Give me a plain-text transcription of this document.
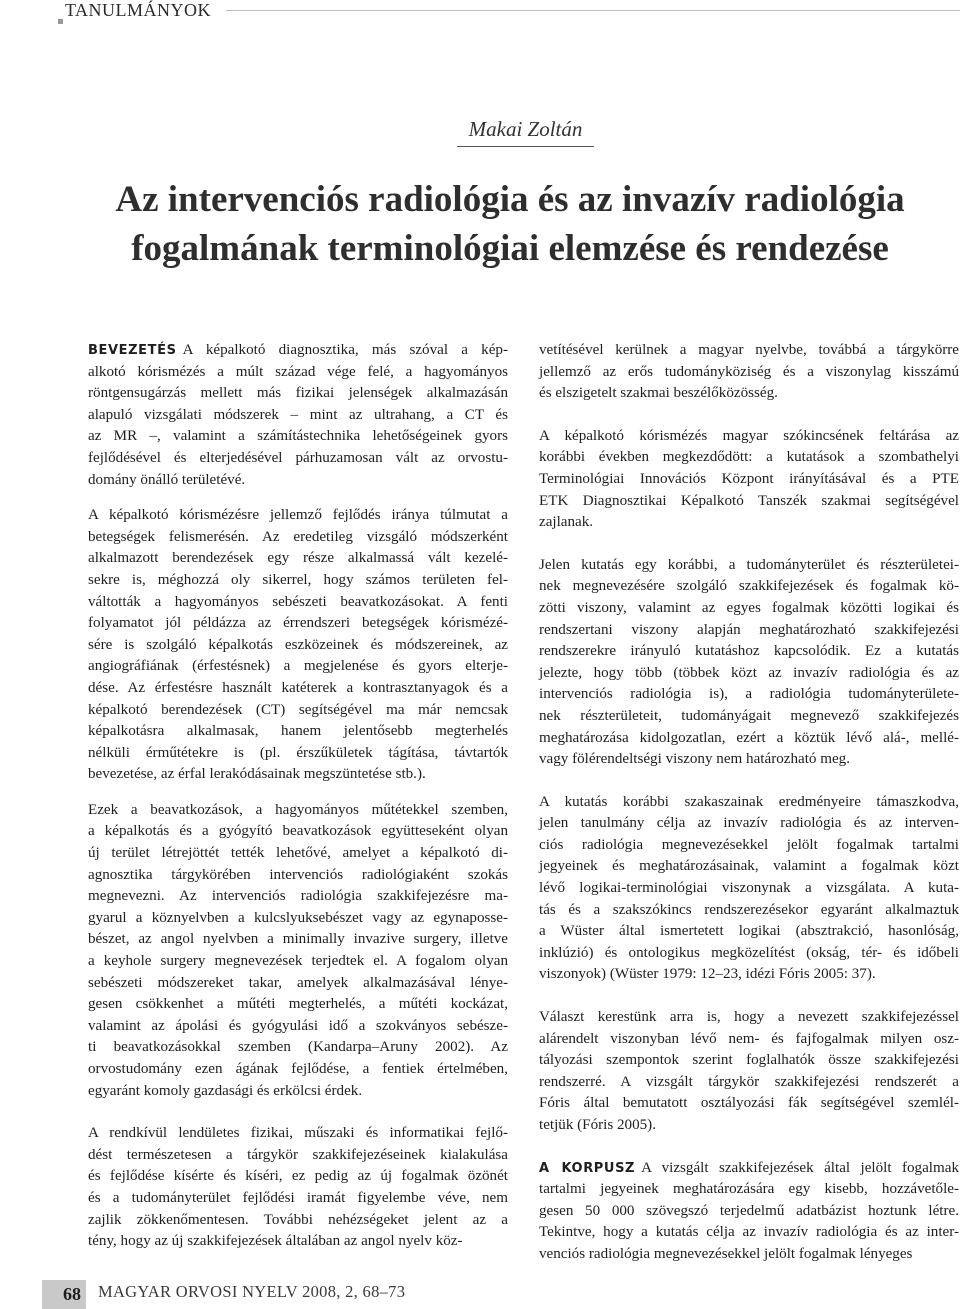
TANULMÁNYOK
Makai Zoltán
Az intervenciós radiológia és az invazív radiológia
fogalmának terminológiai elemzése és rendezése

BEVEZETÉS A képalkotó diagnosztika, más szóval a kép-
alkotó kórismézés a múlt század vége felé, a hagyományos
röntgensugárzás mellett más fizikai jelenségek alkalmazásán
alapuló vizsgálati módszerek – mint az ultrahang, a CT és
az MR –, valamint a számítástechnika lehetőségeinek gyors
fejlődésével és elterjedésével párhuzamosan vált az orvostu-
domány önálló területévé.

A képalkotó kórismézésre jellemző fejlődés iránya túlmutat a
betegségek felismerésén. Az eredetileg vizsgáló módszerként
alkalmazott berendezések egy része alkalmassá vált kezelé-
sekre is, méghozzá oly sikerrel, hogy számos területen fel-
váltották a hagyományos sebészeti beavatkozásokat. A fenti
folyamatot jól példázza az érrendszeri betegségek kórismézé-
sére is szolgáló képalkotás eszközeinek és módszereinek, az
angiográfiának (érfestésnek) a megjelenése és gyors elterje-
dése. Az érfestésre használt katéterek a kontrasztanyagok és a
képalkotó berendezések (CT) segítségével ma már nemcsak
képalkotásra alkalmasak, hanem jelentősebb megterhelés
nélküli érműtétekre is (pl. érszűkületek tágítása, távtartók
bevezetése, az érfal lerakódásainak megszüntetése stb.).

Ezek a beavatkozások, a hagyományos műtétekkel szemben,
a képalkotás és a gyógyító beavatkozások együtteseként olyan
új terület létrejöttét tették lehetővé, amelyet a képalkotó di-
agnosztika tárgykörében intervenciós radiológiaként szokás
megnevezni. Az intervenciós radiológia szakkifejezésre ma-
gyarul a köznyelvben a kulcslyuksebészet vagy az egynaposse-
bészet, az angol nyelvben a minimally invazive surgery, illetve
a keyhole surgery megnevezések terjedtek el. A fogalom olyan
sebészeti módszereket takar, amelyek alkalmazásával lénye-
gesen csökkenhet a műtéti megterhelés, a műtéti kockázat,
valamint az ápolási és gyógyulási idő a szokványos sebésze-
ti beavatkozásokkal szemben (Kandarpa–Aruny 2002). Az
orvostudomány ezen ágának fejlődése, a fentiek értelmében,
egyaránt komoly gazdasági és erkölcsi érdek.

A rendkívül lendületes fizikai, műszaki és informatikai fejlő-
dést természetesen a tárgykör szakkifejezéseinek kialakulása
és fejlődése kísérte és kíséri, ez pedig az új fogalmak özönét
és a tudományterület fejlődési iramát figyelembe véve, nem
zajlik zökkenőmentesen. További nehézségeket jelent az a
tény, hogy az új szakkifejezések általában az angol nyelv köz-

vetítésével kerülnek a magyar nyelvbe, továbbá a tárgykörre
jellemző az erős tudományköziség és a viszonylag kisszámú
és elszigetelt szakmai beszélőközösség.

A képalkotó kórismézés magyar szókincsének feltárása az
korábbi években megkezdődött: a kutatások a szombathelyi
Terminológiai Innovációs Központ irányításával és a PTE
ETK Diagnosztikai Képalkotó Tanszék szakmai segítségével
zajlanak.

Jelen kutatás egy korábbi, a tudományterület és részterületei-
nek megnevezésére szolgáló szakkifejezések és fogalmak kö-
zötti viszony, valamint az egyes fogalmak közötti logikai és
rendszertani viszony alapján meghatározható szakkifejezési
rendszerekre irányuló kutatáshoz kapcsolódik. Ez a kutatás
jelezte, hogy több (többek közt az invazív radiológia és az
intervenciós radiológia is), a radiológia tudományterülete-
nek részterületeit, tudományágait megnevező szakkifejezés
meghatározása kidolgozatlan, ezért a köztük lévő alá-, mellé-
vagy fölérendeltségi viszony nem határozható meg.

A kutatás korábbi szakaszainak eredményeire támaszkodva,
jelen tanulmány célja az invazív radiológia és az interven-
ciós radiológia megnevezésekkel jelölt fogalmak tartalmi
jegyeinek és meghatározásainak, valamint a fogalmak közt
lévő logikai-terminológiai viszonynak a vizsgálata. A kuta-
tás és a szakszókincs rendszerezésekor egyaránt alkalmaztuk
a Wüster által ismertetett logikai (absztrakció, hasonlóság,
inklúzió) és ontologikus megközelítést (okság, tér- és időbeli
viszonyok) (Wüster 1979: 12–23, idézi Fóris 2005: 37).

Választ kerestünk arra is, hogy a nevezett szakkifejezéssel
alárendelt viszonyban lévő nem- és fajfogalmak milyen osz-
tályozási szempontok szerint foglalhatók össze szakkifejezési
rendszerré. A vizsgált tárgykör szakkifejezési rendszerét a
Fóris által bemutatott osztályozási fák segítségével szemlél-
tetjük (Fóris 2005).

A KORPUSZ A vizsgált szakkifejezések által jelölt fogalmak
tartalmi jegyeinek meghatározására egy kisebb, hozzávetőle-
gesen 50 000 szövegszó terjedelmű adatbázist hoztunk létre.
Tekintve, hogy a kutatás célja az invazív radiológia és az inter-
venciós radiológia megnevezésekkel jelölt fogalmak lényeges

68	MAGYAR ORVOSI NYELV 2008, 2, 68–73
